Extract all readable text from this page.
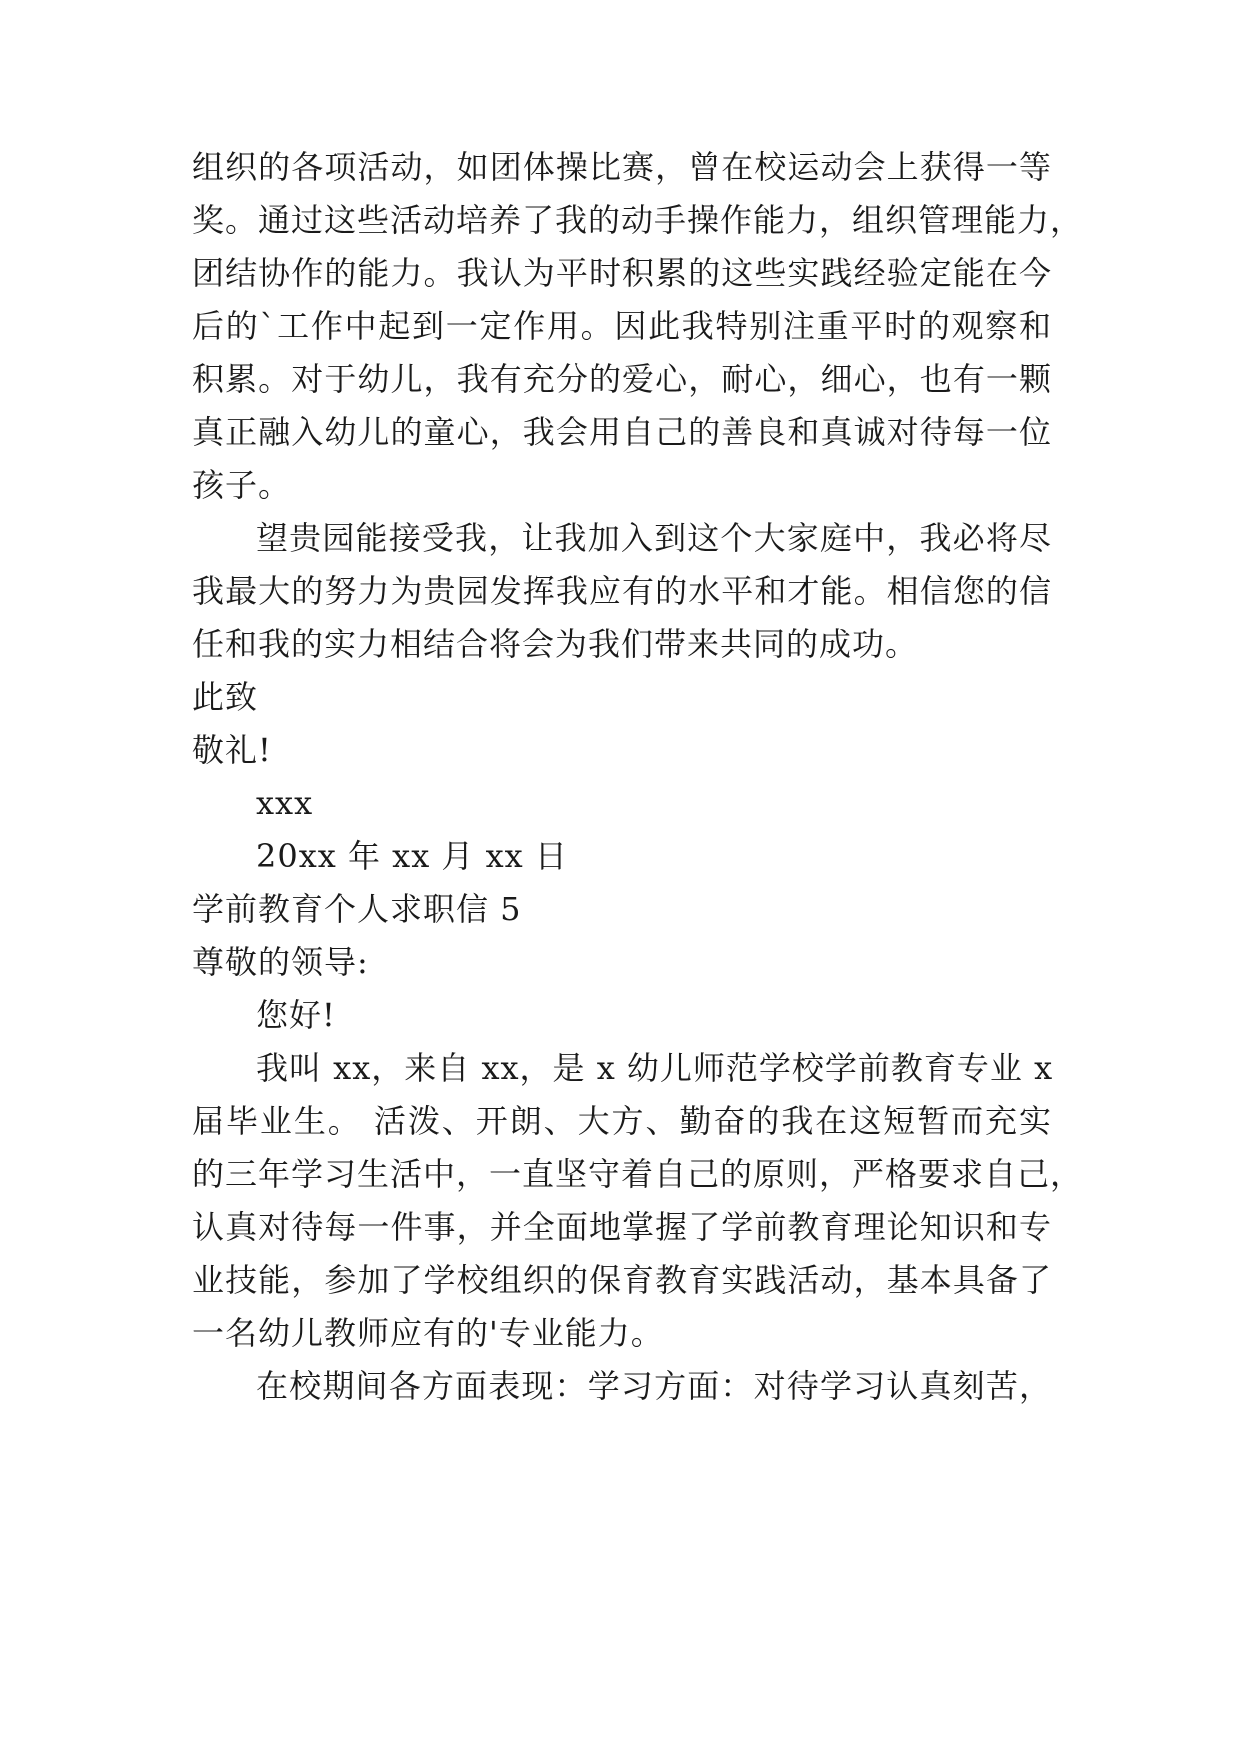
组织的各项活动，如团体操比赛，曾在校运动会上获得一等
奖。通过这些活动培养了我的动手操作能力，组织管理能力，
团结协作的能力。我认为平时积累的这些实践经验定能在今
后的`工作中起到一定作用。因此我特别注重平时的观察和
积累。对于幼儿，我有充分的爱心，耐心，细心，也有一颗
真正融入幼儿的童心，我会用自己的善良和真诚对待每一位
孩子。
望贵园能接受我，让我加入到这个大家庭中，我必将尽
我最大的努力为贵园发挥我应有的水平和才能。相信您的信
任和我的实力相结合将会为我们带来共同的成功。
此致
敬礼!
xxx
20xx 年 xx 月 xx 日
学前教育个人求职信 5
尊敬的领导:
您好!
我叫 xx，来自 xx，是 x 幼儿师范学校学前教育专业 x
届毕业生。 活泼、开朗、大方、勤奋的我在这短暂而充实
的三年学习生活中，一直坚守着自己的原则，严格要求自己，
认真对待每一件事，并全面地掌握了学前教育理论知识和专
业技能，参加了学校组织的保育教育实践活动，基本具备了
一名幼儿教师应有的'专业能力。
在校期间各方面表现：学习方面：对待学习认真刻苦，
